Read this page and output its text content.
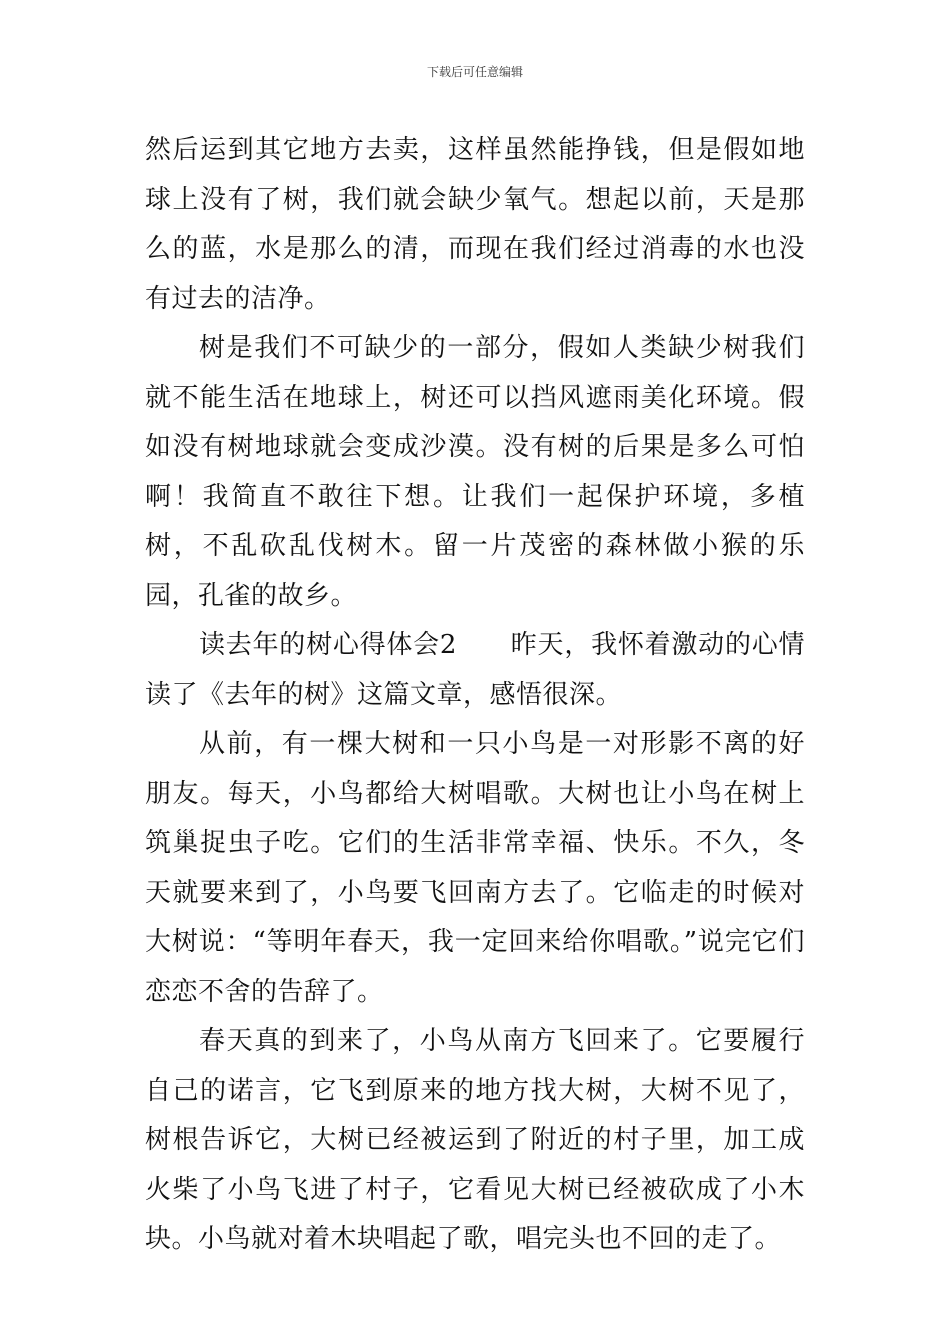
下载后可任意编辑

然后运到其它地方去卖，这样虽然能挣钱，但是假如地球上没有了树，我们就会缺少氧气。想起以前，天是那么的蓝，水是那么的清，而现在我们经过消毒的水也没有过去的洁净。

树是我们不可缺少的一部分，假如人类缺少树我们就不能生活在地球上，树还可以挡风遮雨美化环境。假如没有树地球就会变成沙漠。没有树的后果是多么可怕啊！我简直不敢往下想。让我们一起保护环境，多植树，不乱砍乱伐树木。留一片茂密的森林做小猴的乐园，孔雀的故乡。

读去年的树心得体会2　　昨天，我怀着激动的心情读了《去年的树》这篇文章，感悟很深。

从前，有一棵大树和一只小鸟是一对形影不离的好朋友。每天，小鸟都给大树唱歌。大树也让小鸟在树上筑巢捉虫子吃。它们的生活非常幸福、快乐。不久，冬天就要来到了，小鸟要飞回南方去了。它临走的时候对大树说：“等明年春天，我一定回来给你唱歌。”说完它们恋恋不舍的告辞了。

春天真的到来了，小鸟从南方飞回来了。它要履行自己的诺言，它飞到原来的地方找大树，大树不见了，树根告诉它，大树已经被运到了附近的村子里，加工成火柴了小鸟飞进了村子，它看见大树已经被砍成了小木块。小鸟就对着木块唱起了歌，唱完头也不回的走了。
